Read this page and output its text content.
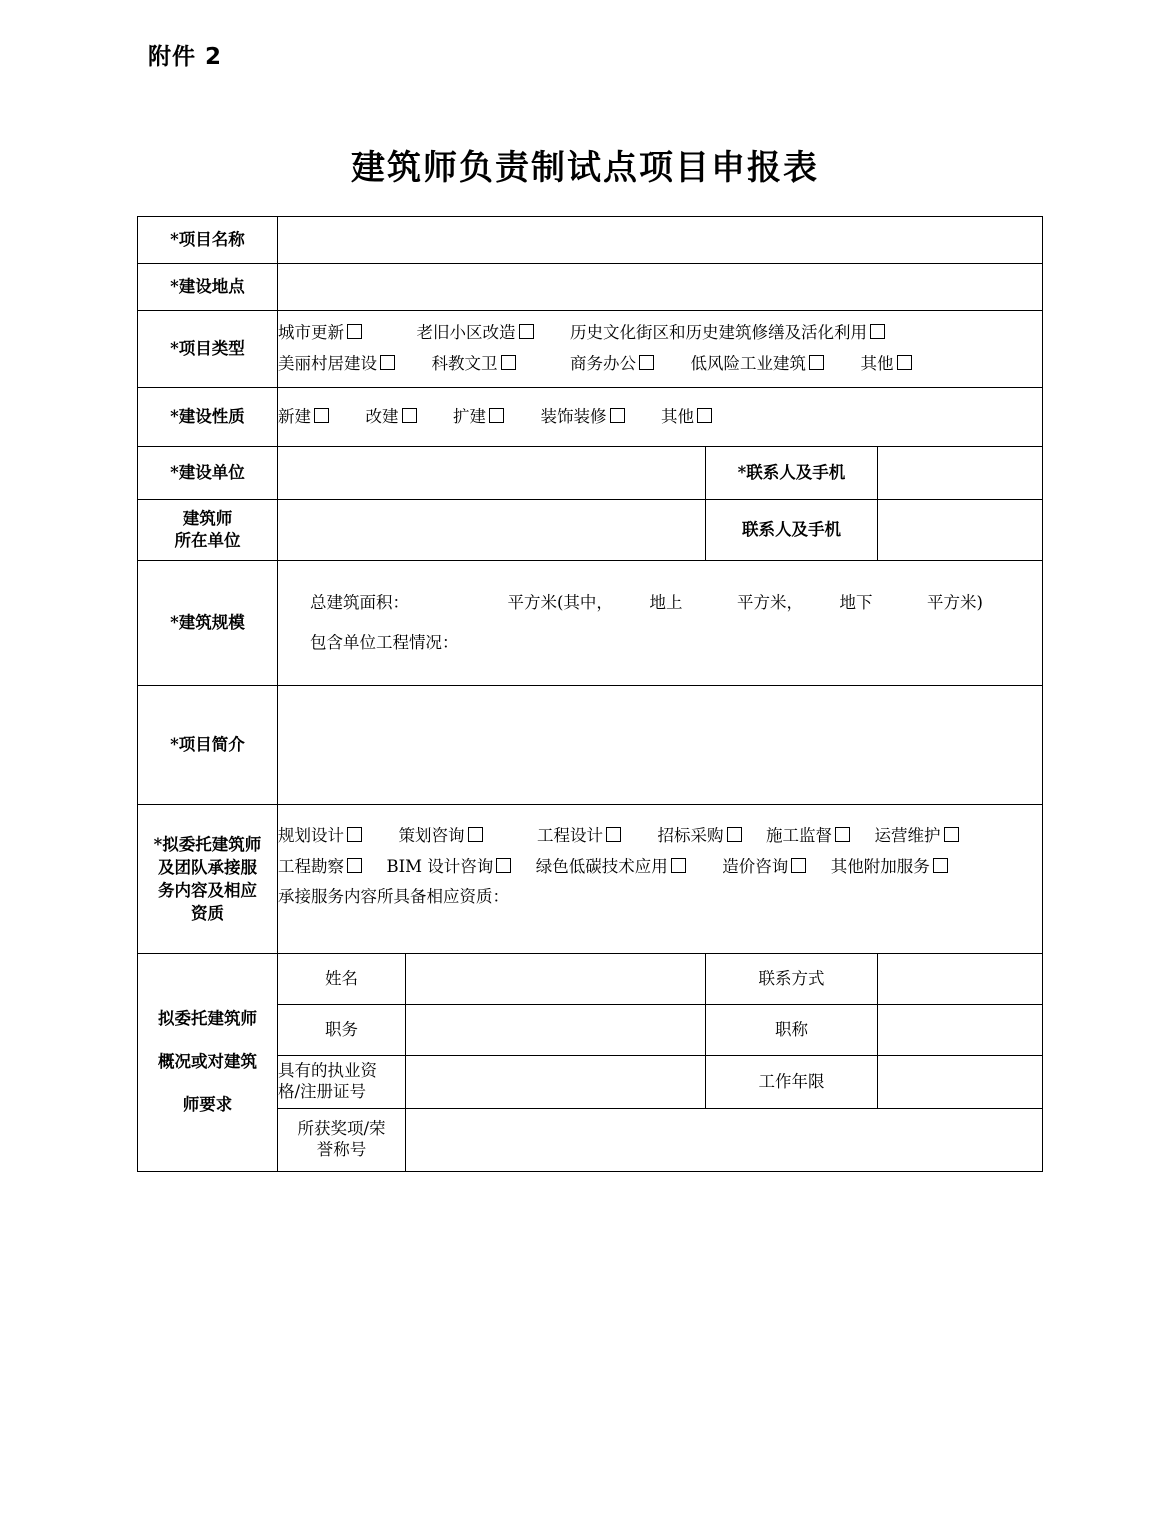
附件 2
建筑师负责制试点项目申报表
*项目名称				
*建设地点				
*项目类型	城市更新 老旧小区改造 历史文化街区和历史建筑修缮及活化利用
美丽村居建设 科教文卫 商务办公 低风险工业建筑 其他			

*建设性质	新建 改建 扩建 装饰装修 其他			
*建设单位			*联系人及手机	

建筑师
所在单位			联系人及手机	
*建筑规模	总建筑面积： 平方米(其中， 地上 平方米， 地下 平方米)
包含单位工程情况：			

*项目简介				

*拟委托建筑师
及团队承接服
务内容及相应
资质

规划设计	策划咨询	工程设计	招标采购	施工监督	运营维护
工程勘察	BIM 设计咨询	绿色低碳技术应用	造价咨询	其他附加服务
承接服务内容所具备相应资质：

拟委托建筑师
概况或对建筑
师要求	姓名		联系方式	
	职务		职称	

	具有的执业资
格/注册证号		工作年限	

	所获奖项/荣
誉称号			
